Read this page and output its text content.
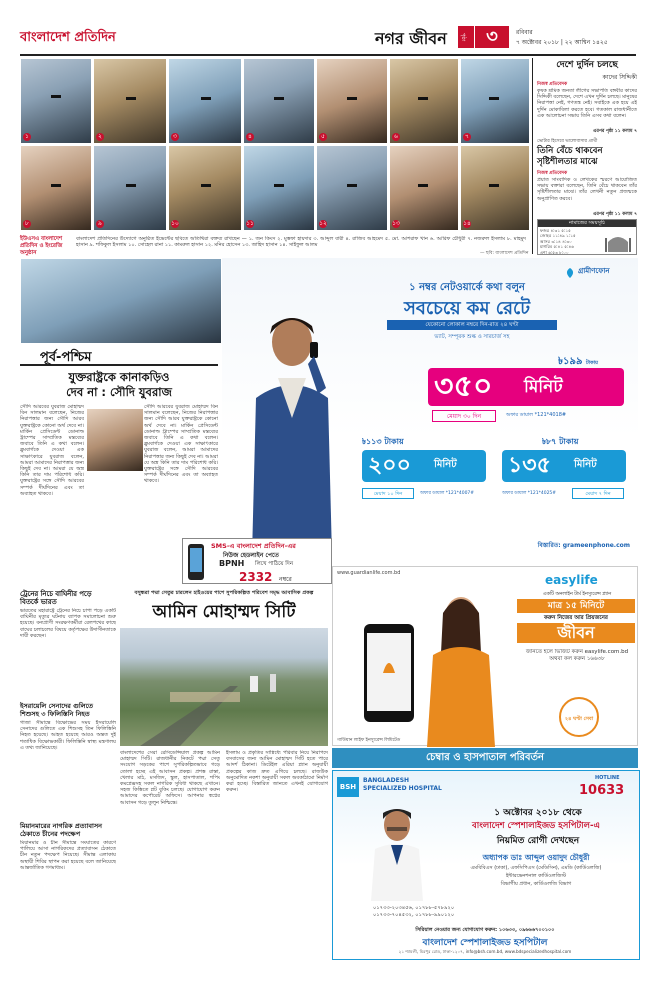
বাংলাদেশ প্রতিদিন	নগর জীবন	পৃষ্ঠা	৩	রবিবার
৭ অক্টোবর ২০১৮ | ২২ আশ্বিন ১৪২৫
১	২	৩	৪	৫	৬	৭
৮	৯	১০	১১	১২	১৩	১৪
ইউএসএ বাংলাদেশ প্রতিদিন ও ইংরেজি অনুষ্ঠান
বাংলাদেশ প্রতিদিনের উদ্যোগে অনুষ্ঠিত ইভেন্টের ছবিতে অতিথিরা বক্তব্য রাখছেন — ১. জন কিংস ২. মুস্তফা হায়দার ৩. আব্দুল বারী ৪. রাজিব আহমেদ ৫. মো. আশরাফ খান ৬. আরিফ চৌধুরী ৭. নজরুল ইসলাম ৮. মাহমুদ হাসান ৯. শফিকুল ইসলাম ১০. সোহেল রানা ১১. কামরুল হাসান ১২. মনির হোসেন ১৩. জাহিদ হাসান ১৪. সাইফুল আলম
— ছবি: বাংলাদেশ প্রতিদিন
দেশে দুর্দিন চলছে
কাদের সিদ্দিকী
নিজস্ব প্রতিবেদক
কৃষক শ্রমিক জনতা লীগের সভাপতি বঙ্গবীর কাদের সিদ্দিকী বলেছেন, দেশে এখন দুর্দিন চলছে। মানুষের নিরাপত্তা নেই, গণতন্ত্র নেই। সবাইকে এক হয়ে এই দুর্দিন মোকাবিলা করতে হবে। গতকাল রাজধানীতে এক আলোচনা সভায় তিনি এসব কথা বলেন।
এরপর পৃষ্ঠা ১১ কলাম ৭
ভোটার হিসেবে ভালোবাসার প্রার্থী
তিনি বেঁচে থাকবেন
সৃষ্টিশীলতার মাঝে
নিজস্ব প্রতিবেদক
প্রয়াত সাংবাদিক ও লেখকের স্মরণে আয়োজিত সভায় বক্তারা বলেছেন, তিনি বেঁচে থাকবেন তাঁর সৃষ্টিশীলতার মাঝে। তাঁর লেখনী নতুন প্রজন্মকে অনুপ্রাণিত করবে।
এরপর পৃষ্ঠা ১১ কলাম ৭
নামাজের সময়সূচি
ফজর ৪:৩১ ৫:১৫
জোহর ১১:৪৯ ১:১৫
আসর ৩:১৪ ৪:৩০
মাগরিব ৫:৪১ ৫:৪৬
এশা ৬:৫৩ ৮:০০
গ্রামীণফোন
১ নম্বর নেটওয়ার্কে কথা বলুন
সবচেয়ে কম রেটে
যেকোনো লোকাল নম্বরে দিন-রাত ২৪ ঘণ্টা
ভ্যাট, সম্পূরক শুল্ক ও সারচার্জ সহ
৳১৯৯ টাকায়
৩৫০ মিনিট
মেয়াদ ৩০ দিন	অফার ডায়াল *121*4018#
৳১১৩ টাকায়
২০০ মিনিট
মেয়াদ ১০ দিন	অফার ডায়াল *121*4007#
৳৮৭ টাকায়
১৩৫ মিনিট
অফার ডায়াল *121*4025#	মেয়াদ ৭ দিন
বিস্তারিত: grameenphone.com
পূর্ব-পশ্চিম
যুক্তরাষ্ট্রকে কানাকড়িও
দেব না : সৌদি যুবরাজ
সৌদি আরবের যুবরাজ মোহাম্মদ বিন সালমান বলেছেন, নিজের নিরাপত্তার জন্য সৌদি আরব যুক্তরাষ্ট্রকে কোনো অর্থ দেবে না। মার্কিন প্রেসিডেন্ট ডোনাল্ড ট্রাম্পের সাম্প্রতিক মন্তব্যের জবাবে তিনি এ কথা বলেন। ব্লুমবার্গকে দেওয়া এক সাক্ষাৎকারে যুবরাজ বলেন, আমরা আমাদের নিরাপত্তার জন্য কিছুই দেব না। আমরা যে অস্ত্র কিনি তার দাম পরিশোধ করি। যুক্তরাষ্ট্রের সঙ্গে সৌদি আরবের সম্পর্ক দীর্ঘদিনের এবং তা অব্যাহত থাকবে।
সৌদি আরবের যুবরাজ মোহাম্মদ বিন সালমান বলেছেন, নিজের নিরাপত্তার জন্য সৌদি আরব যুক্তরাষ্ট্রকে কোনো অর্থ দেবে না। মার্কিন প্রেসিডেন্ট ডোনাল্ড ট্রাম্পের সাম্প্রতিক মন্তব্যের জবাবে তিনি এ কথা বলেন। ব্লুমবার্গকে দেওয়া এক সাক্ষাৎকারে যুবরাজ বলেন, আমরা আমাদের নিরাপত্তার জন্য কিছুই দেব না। আমরা যে অস্ত্র কিনি তার দাম পরিশোধ করি। যুক্তরাষ্ট্রের সঙ্গে সৌদি আরবের সম্পর্ক দীর্ঘদিনের এবং তা অব্যাহত থাকবে।
SMS-এ বাংলাদেশ প্রতিদিন-এর
নিউজ হেডলাইন পেতে
BPNH লিখে পাঠিয়ে দিন
2332 নম্বরে
ট্রেনের নিচে বাঘিনীর পড়ে
বিতর্কে ভারত
ভারতের মহারাষ্ট্রে ট্রেনের নিচে চাপা পড়ে একটি বাঘিনীর মৃত্যুর ঘটনায় ব্যাপক সমালোচনা শুরু হয়েছে। বন্যপ্রাণী সংরক্ষণকর্মীরা রেলপথের কাছে বাঘের চলাচলের বিষয়ে কর্তৃপক্ষের উদাসীনতাকে দায়ী করছেন।
ইসরায়েলি সেনাদের গুলিতে
শিশুসহ ৩ ফিলিস্তিনি নিহত
গাজা সীমান্তে বিক্ষোভের সময় ইসরায়েলি সেনাদের গুলিতে এক শিশুসহ তিন ফিলিস্তিনি নিহত হয়েছে। আহত হয়েছে আরও অন্তত দুই শতাধিক বিক্ষোভকারী। ফিলিস্তিনি স্বাস্থ্য মন্ত্রণালয় এ তথ্য জানিয়েছে।
মিয়ানমারের নাগরিক প্রত্যাবাসন
ঠেকাতে চীনের পদক্ষেপ
মিয়ানমার ও চীন সীমান্তে সংঘাতের কারণে পালিয়ে আসা নাগরিকদের প্রত্যাবাসন ঠেকাতে চীন নতুন পদক্ষেপ নিয়েছে। সীমান্ত এলাকায় অস্থায়ী শিবির স্থাপন করা হয়েছে বলে জানিয়েছে আন্তর্জাতিক গণমাধ্যম।
বসুন্ধরা পদ্মা সেতুর চারলেন হাইওয়ের পাশে সুপরিকল্পিত পরিবেশ সমৃদ্ধ আবাসিক প্রকল্প
আমিন মোহাম্মদ সিটি
বাংলাদেশের সেরা রেসিডেন্সিয়াল প্রকল্প আমিন মোহাম্মদ সিটি। রাজধানীর নিকটে পদ্মা সেতু সংযোগ সড়কের পাশে সুপরিকল্পিতভাবে গড়ে তোলা হচ্ছে এই আবাসন প্রকল্প। প্রশস্ত রাস্তা, খেলার মাঠ, মসজিদ, স্কুল, হাসপাতাল, শপিং কমপ্লেক্সসহ সকল নাগরিক সুবিধা থাকছে এখানে। সহজ কিস্তিতে প্লট বুকিং চলছে। যোগাযোগ করুন আমাদের কর্পোরেট অফিসে। আপনার স্বপ্নের আবাসন গড়ে তুলুন নিশ্চিন্তে।
ইসলাম ও প্রকৃতির সান্নিধ্যে পরিবার নিয়ে নিরাপদে বসবাসের জন্য আমিন মোহাম্মদ সিটি হতে পারে আদর্শ ঠিকানা। ডিটেইল এরিয়া প্ল্যান অনুযায়ী প্রকল্পের কাজ দ্রুত এগিয়ে চলছে। রাজউক অনুমোদিত নকশা অনুযায়ী সকল অবকাঠামো নির্মাণ করা হচ্ছে। বিস্তারিত জানতে এখনই যোগাযোগ করুন।
www.guardianlife.com.bd	easylife
একটি অনলাইন টার্ম ইনস্যুরেন্স প্ল্যান
মাত্র ১৫ মিনিটে
করুন নিজের আর প্রিয়জনের
জীবন
জানতে হলে ভিজিট করুন easylife.com.bd অথবা কল করুন ১৬৬৩৮
২৪ ঘণ্টা সেবা
গার্ডিয়ান লাইফ ইনস্যুরেন্স লিমিটেড
চেম্বার ও হাসপাতাল পরিবর্তন
BSH
BANGLADESH
SPECIALIZED HOSPITAL
HOTLINE
10633
১ অক্টোবর ২০১৮ থেকে
বাংলাদেশ স্পেশালাইজড হসপিটাল-এ
নিয়মিত রোগী দেখছেন
অধ্যাপক ডাঃ আব্দুল ওয়াদুদ চৌধুরী
এমবিবিএস (ঢাকা), এফসিপিএস (মেডিসিন), এমডি (কার্ডিওলজি)
ইন্টারভেনশনাল কার্ডিওলজিস্ট
বিভাগীয় প্রধান, কার্ডিওলজি বিভাগ
০১৭৩৩-২০৩৪৫৬, ০১৭৮৮-৫৭৮৯২০
০১৭৩৩-৭০৪৫৩২, ০১৭৮৮-৯৯০১২০
সিরিয়াল নেওয়ার জন্য যোগাযোগ করুন: ১০৬৩৩, ০৯৬৬৬৭০০১০০
বাংলাদেশ স্পেশালাইজড হসপিটাল
২১ শ্যামলী, মিরপুর রোড, ঢাকা-১২০৭, info@bsh.com.bd, www.bdspecializedhospital.com
